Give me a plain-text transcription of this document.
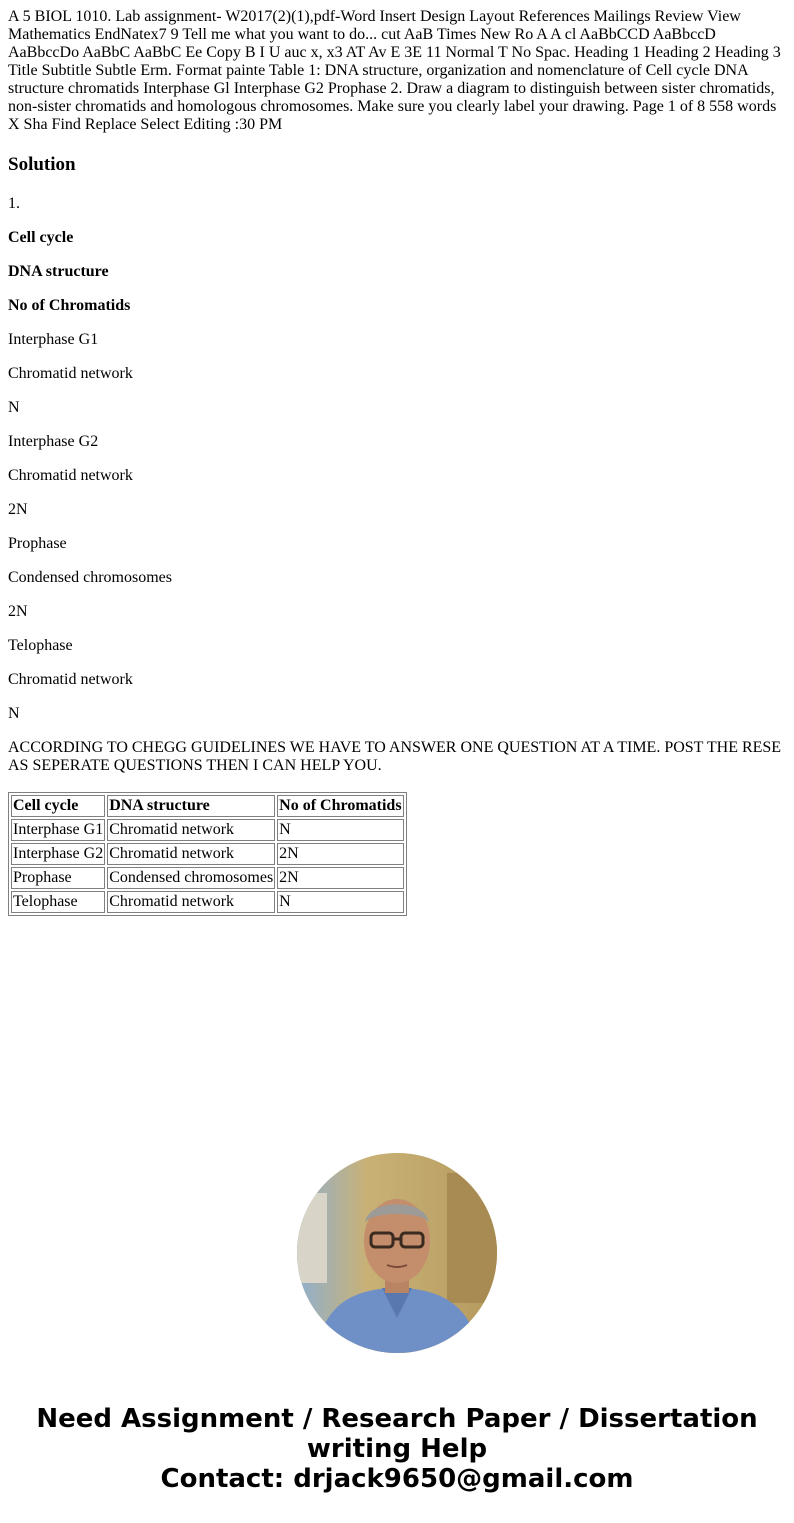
A 5 BIOL 1010. Lab assignment- W2017(2)(1),pdf-Word Insert Design Layout References Mailings Review View Mathematics EndNatex7 9 Tell me what you want to do... cut AaB Times New Ro A A cl AaBbCCD AaBbccD AaBbccDo AaBbC AaBbC Ee Copy B I U auc x, x3 AT Av E 3E 11 Normal T No Spac. Heading 1 Heading 2 Heading 3 Title Subtitle Subtle Erm. Format painte Table 1: DNA structure, organization and nomenclature of Cell cycle DNA structure chromatids Interphase Gl Interphase G2 Prophase 2. Draw a diagram to distinguish between sister chromatids, non-sister chromatids and homologous chromosomes. Make sure you clearly label your drawing. Page 1 of 8 558 words X Sha Find Replace Select Editing :30 PM

Solution

1.

Cell cycle

DNA structure

No of Chromatids

Interphase G1

Chromatid network

N

Interphase G2

Chromatid network

2N

Prophase

Condensed chromosomes

2N

Telophase

Chromatid network

N

ACCORDING TO CHEGG GUIDELINES WE HAVE TO ANSWER ONE QUESTION AT A TIME. POST THE RESE AS SEPERATE QUESTIONS THEN I CAN HELP YOU.

Cell cycle	DNA structure	No of Chromatids
Interphase G1	Chromatid network	N
Interphase G2	Chromatid network	2N
Prophase	Condensed chromosomes	2N
Telophase	Chromatid network	N
Need Assignment / Research Paper / Dissertation
writing Help
Contact: drjack9650@gmail.com
